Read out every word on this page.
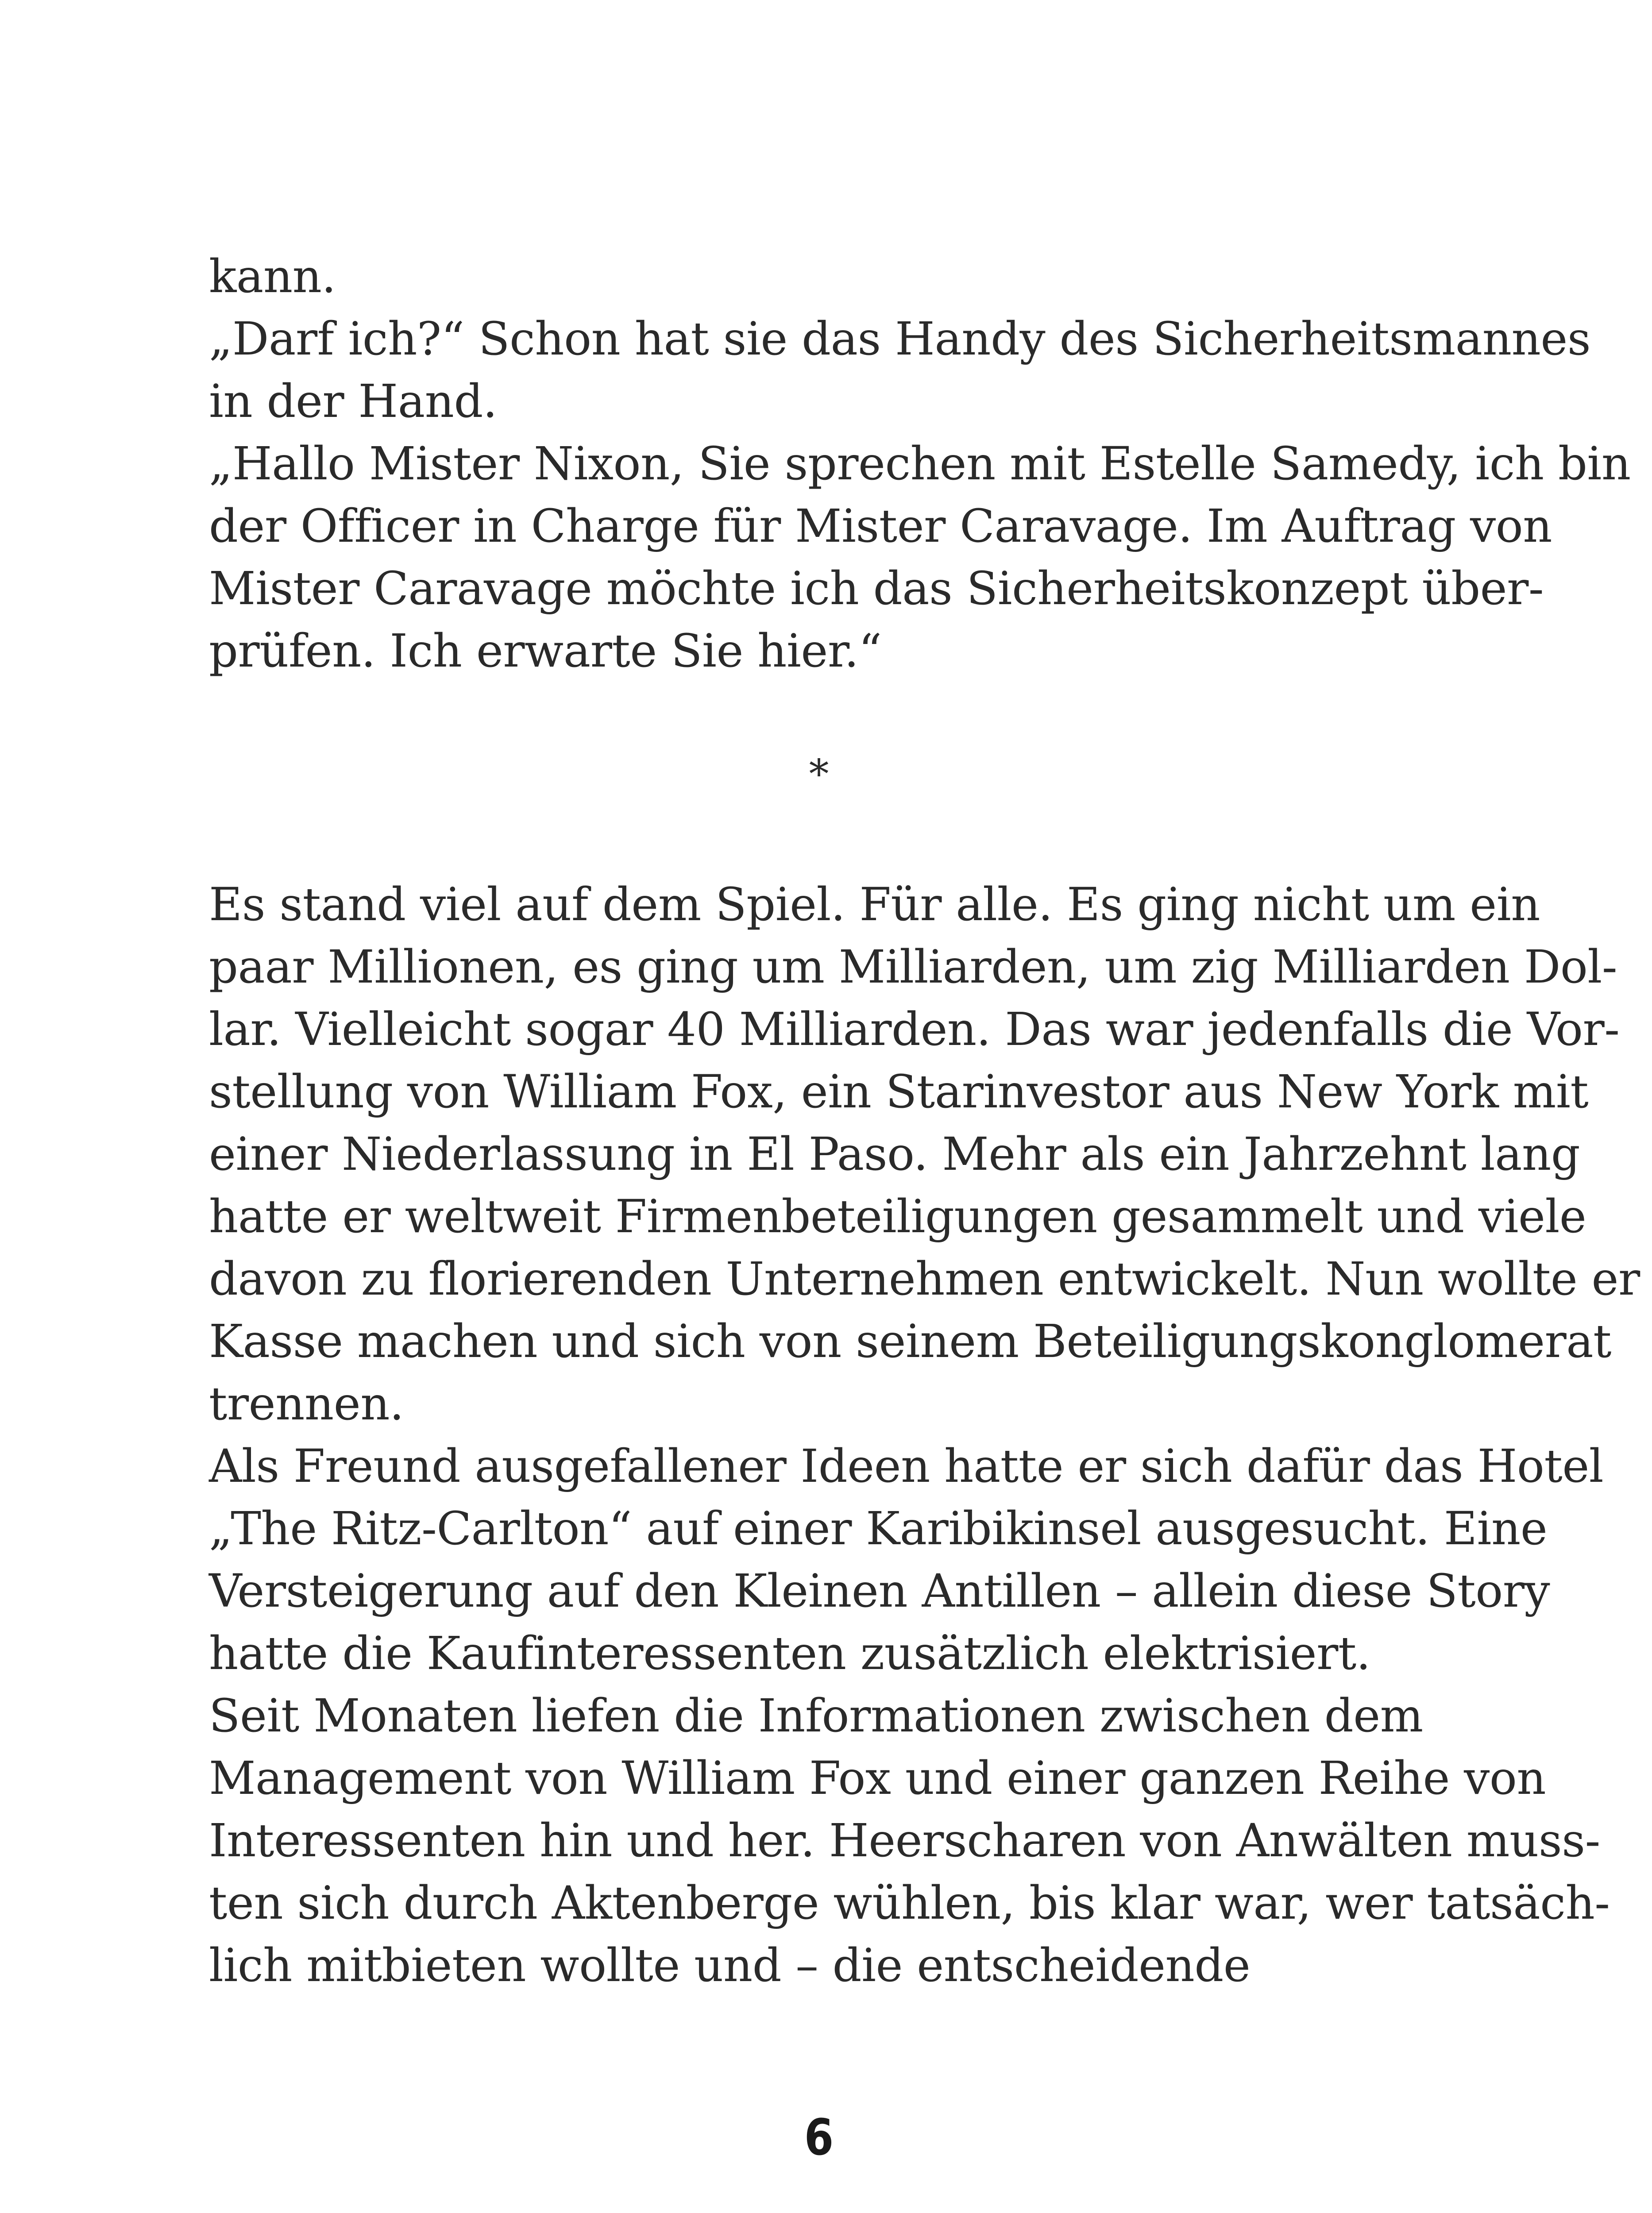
kann.
„Darf ich?“ Schon hat sie das Handy des Sicherheitsmannes
in der Hand.
„Hallo Mister Nixon, Sie sprechen mit Estelle Samedy, ich bin
der Officer in Charge für Mister Caravage. Im Auftrag von
Mister Caravage möchte ich das Sicherheitskonzept über-
prüfen. Ich erwarte Sie hier.“
*
Es stand viel auf dem Spiel. Für alle. Es ging nicht um ein
paar Millionen, es ging um Milliarden, um zig Milliarden Dol-
lar. Vielleicht sogar 40 Milliarden. Das war jedenfalls die Vor-
stellung von William Fox, ein Starinvestor aus New York mit
einer Niederlassung in El Paso. Mehr als ein Jahrzehnt lang
hatte er weltweit Firmenbeteiligungen gesammelt und viele
davon zu florierenden Unternehmen entwickelt. Nun wollte er
Kasse machen und sich von seinem Beteiligungskonglomerat
trennen.
Als Freund ausgefallener Ideen hatte er sich dafür das Hotel
„The Ritz-Carlton“ auf einer Karibikinsel ausgesucht. Eine
Versteigerung auf den Kleinen Antillen – allein diese Story
hatte die Kaufinteressenten zusätzlich elektrisiert.
Seit Monaten liefen die Informationen zwischen dem
Management von William Fox und einer ganzen Reihe von
Interessenten hin und her. Heerscharen von Anwälten muss-
ten sich durch Aktenberge wühlen, bis klar war, wer tatsäch-
lich mitbieten wollte und – die entscheidende
6
